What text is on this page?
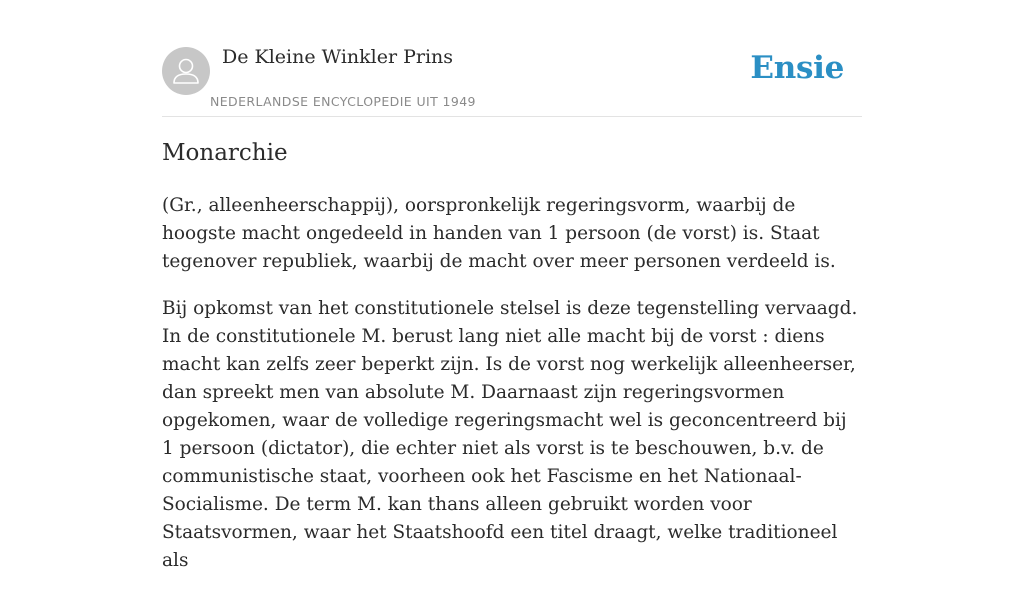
De Kleine Winkler Prins
NEDERLANDSE ENCYCLOPEDIE UIT 1949
Ensie
Monarchie

(Gr., alleenheerschappij), oorspronkelijk regeringsvorm, waarbij de hoogste macht ongedeeld in handen van 1 persoon (de vorst) is. Staat tegenover republiek, waarbij de macht over meer personen verdeeld is.

Bij opkomst van het constitutionele stelsel is deze tegenstelling vervaagd. In de constitutionele M. berust lang niet alle macht bij de vorst : diens macht kan zelfs zeer beperkt zijn. Is de vorst nog werkelijk alleenheerser, dan spreekt men van absolute M. Daarnaast zijn regeringsvormen opgekomen, waar de volledige regeringsmacht wel is geconcentreerd bij 1 persoon (dictator), die echter niet als vorst is te beschouwen, b.v. de communistische staat, voorheen ook het Fascisme en het Nationaal-Socialisme. De term M. kan thans alleen gebruikt worden voor Staatsvormen, waar het Staatshoofd een titel draagt, welke traditioneel als
